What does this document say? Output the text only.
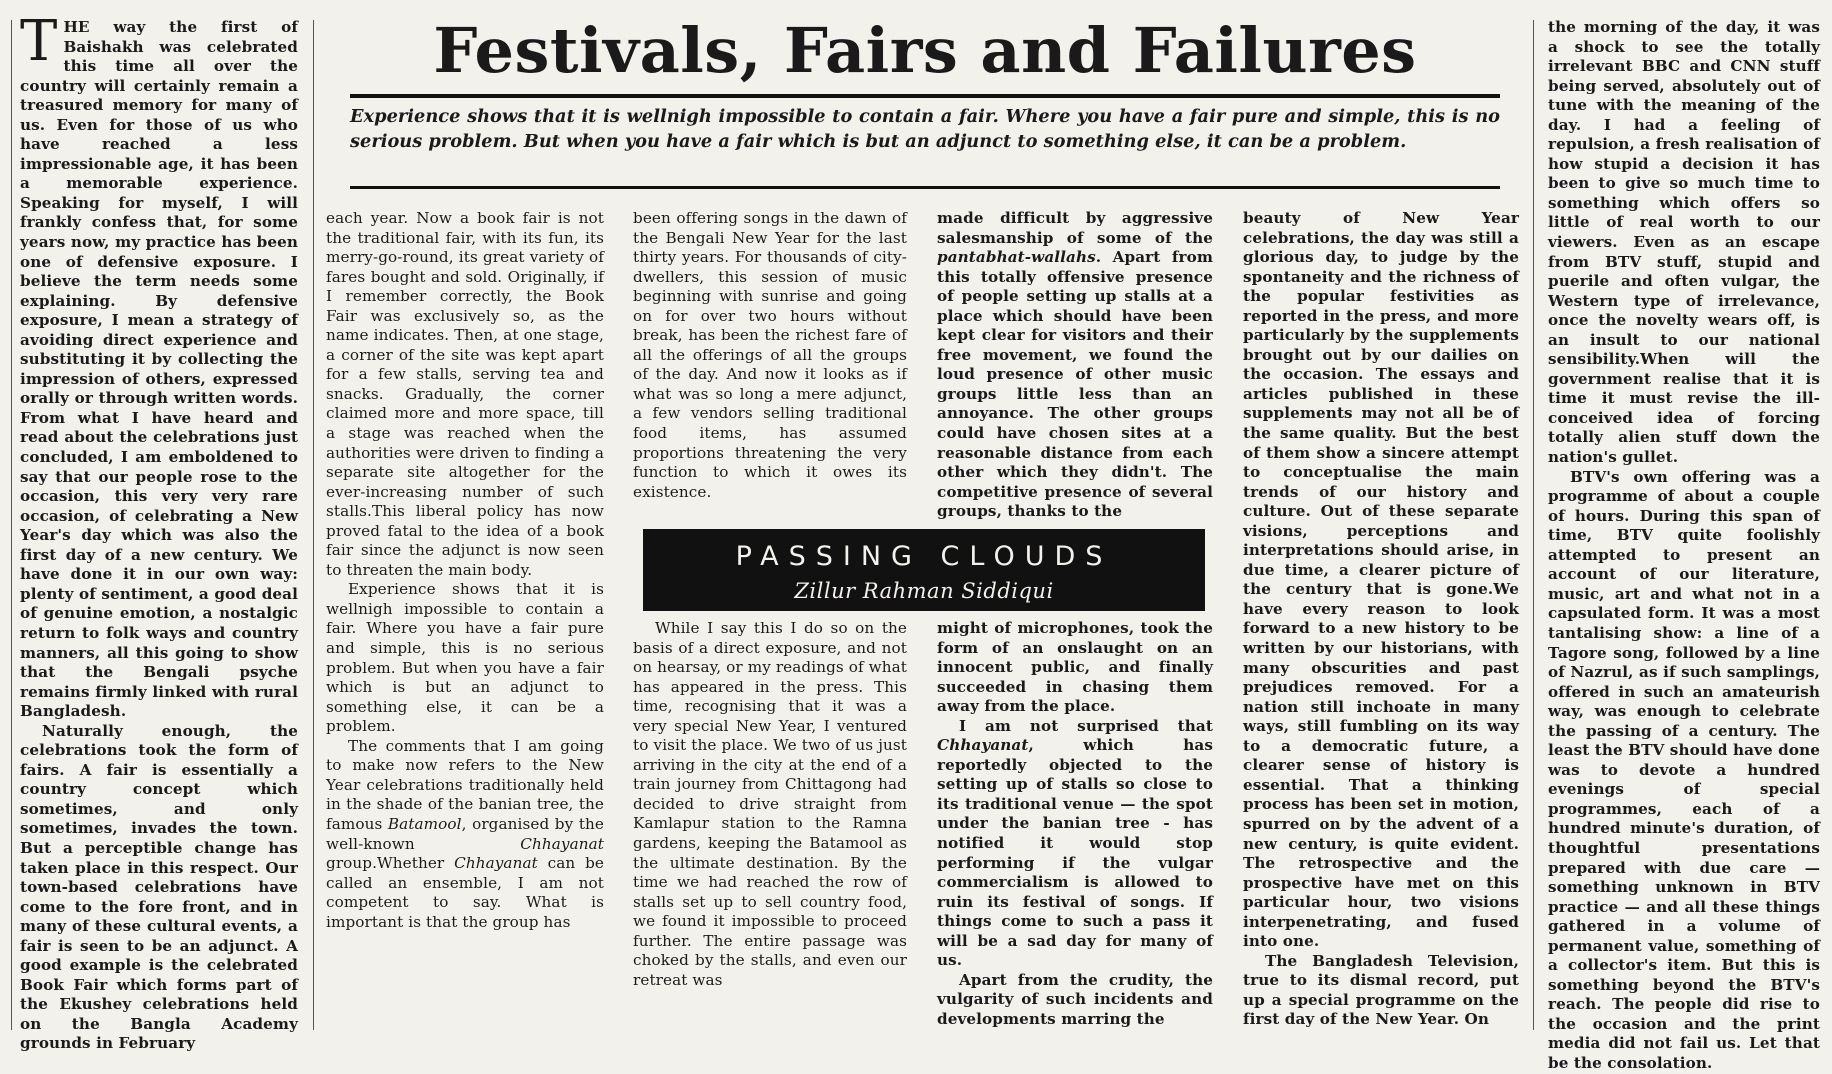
Festivals, Fairs and Failures
Experience shows that it is wellnigh impossible to contain a fair. Where you have a fair pure and simple, this is no serious problem. But when you have a fair which is but an adjunct to something else, it can be a problem.

THE way the first of Baishakh was celebrated this time all over the country will certainly remain a treasured memory for many of us. Even for those of us who have reached a less impressionable age, it has been a memorable experience. Speaking for myself, I will frankly confess that, for some years now, my practice has been one of defensive exposure. I believe the term needs some explaining. By defensive exposure, I mean a strategy of avoiding direct experience and substituting it by collecting the impression of others, expressed orally or through written words. From what I have heard and read about the celebrations just concluded, I am emboldened to say that our people rose to the occasion, this very very rare occasion, of celebrating a New Year's day which was also the first day of a new century. We have done it in our own way: plenty of sentiment, a good deal of genuine emotion, a nostalgic return to folk ways and country manners, all this going to show that the Bengali psyche remains firmly linked with rural Bangladesh.

Naturally enough, the celebrations took the form of fairs. A fair is essentially a country concept which sometimes, and only sometimes, invades the town. But a perceptible change has taken place in this respect. Our town-based celebrations have come to the fore front, and in many of these cultural events, a fair is seen to be an adjunct. A good example is the celebrated Book Fair which forms part of the Ekushey celebrations held on the Bangla Academy grounds in February

each year. Now a book fair is not the traditional fair, with its fun, its merry-go-round, its great variety of fares bought and sold. Originally, if I remember correctly, the Book Fair was exclusively so, as the name indicates. Then, at one stage, a corner of the site was kept apart for a few stalls, serving tea and snacks. Gradually, the corner claimed more and more space, till a stage was reached when the authorities were driven to finding a separate site altogether for the ever-increasing number of such stalls.This liberal policy has now proved fatal to the idea of a book fair since the adjunct is now seen to threaten the main body.

Experience shows that it is wellnigh impossible to contain a fair. Where you have a fair pure and simple, this is no serious problem. But when you have a fair which is but an adjunct to something else, it can be a problem.

The comments that I am going to make now refers to the New Year celebrations traditionally held in the shade of the banian tree, the famous Batamool, organised by the well-known Chhayanat group.Whether Chhayanat can be called an ensemble, I am not competent to say. What is important is that the group has

been offering songs in the dawn of the Bengali New Year for the last thirty years. For thousands of city-dwellers, this session of music beginning with sunrise and going on for over two hours without break, has been the richest fare of all the offerings of all the groups of the day. And now it looks as if what was so long a mere adjunct, a few vendors selling traditional food items, has assumed proportions threatening the very function to which it owes its existence.

PASSING CLOUDS
Zillur Rahman Siddiqui

While I say this I do so on the basis of a direct exposure, and not on hearsay, or my readings of what has appeared in the press. This time, recognising that it was a very special New Year, I ventured to visit the place. We two of us just arriving in the city at the end of a train journey from Chittagong had decided to drive straight from Kamlapur station to the Ramna gardens, keeping the Batamool as the ultimate destination. By the time we had reached the row of stalls set up to sell country food, we found it impossible to proceed further. The entire passage was choked by the stalls, and even our retreat was

made difficult by aggressive salesmanship of some of the pantabhat-wallahs. Apart from this totally offensive presence of people setting up stalls at a place which should have been kept clear for visitors and their free movement, we found the loud presence of other music groups little less than an annoyance. The other groups could have chosen sites at a reasonable distance from each other which they didn't. The competitive presence of several groups, thanks to the

might of microphones, took the form of an onslaught on an innocent public, and finally succeeded in chasing them away from the place.

I am not surprised that Chhayanat, which has reportedly objected to the setting up of stalls so close to its traditional venue — the spot under the banian tree - has notified it would stop performing if the vulgar commercialism is allowed to ruin its festival of songs. If things come to such a pass it will be a sad day for many of us.

Apart from the crudity, the vulgarity of such incidents and developments marring the

beauty of New Year celebrations, the day was still a glorious day, to judge by the spontaneity and the richness of the popular festivities as reported in the press, and more particularly by the supplements brought out by our dailies on the occasion. The essays and articles published in these supplements may not all be of the same quality. But the best of them show a sincere attempt to conceptualise the main trends of our history and culture. Out of these separate visions, perceptions and interpretations should arise, in due time, a clearer picture of the century that is gone.We have every reason to look forward to a new history to be written by our historians, with many obscurities and past prejudices removed. For a nation still inchoate in many ways, still fumbling on its way to a democratic future, a clearer sense of history is essential. That a thinking process has been set in motion, spurred on by the advent of a new century, is quite evident. The retrospective and the prospective have met on this particular hour, two visions interpenetrating, and fused into one.

The Bangladesh Television, true to its dismal record, put up a special programme on the first day of the New Year. On

the morning of the day, it was a shock to see the totally irrelevant BBC and CNN stuff being served, absolutely out of tune with the meaning of the day. I had a feeling of repulsion, a fresh realisation of how stupid a decision it has been to give so much time to something which offers so little of real worth to our viewers. Even as an escape from BTV stuff, stupid and puerile and often vulgar, the Western type of irrelevance, once the novelty wears off, is an insult to our national sensibility.When will the government realise that it is time it must revise the ill-conceived idea of forcing totally alien stuff down the nation's gullet.

BTV's own offering was a programme of about a couple of hours. During this span of time, BTV quite foolishly attempted to present an account of our literature, music, art and what not in a capsulated form. It was a most tantalising show: a line of a Tagore song, followed by a line of Nazrul, as if such samplings, offered in such an amateurish way, was enough to celebrate the passing of a century. The least the BTV should have done was to devote a hundred evenings of special programmes, each of a hundred minute's duration, of thoughtful presentations prepared with due care — something unknown in BTV practice — and all these things gathered in a volume of permanent value, something of a collector's item. But this is something beyond the BTV's reach. The people did rise to the occasion and the print media did not fail us. Let that be the consolation.
